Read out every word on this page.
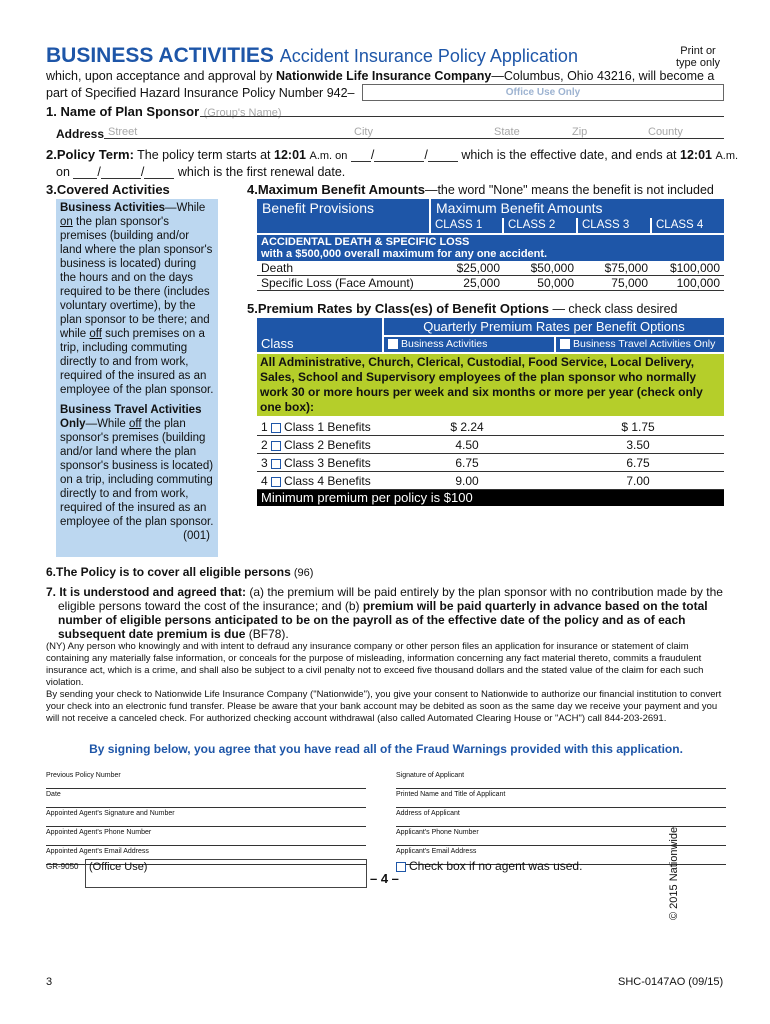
BUSINESS ACTIVITIES Accident Insurance Policy Application	Print or
type only
which, upon acceptance and approval by Nationwide Life Insurance Company—Columbus, Ohio 43216, will become a
part of Specified Hazard Insurance Policy Number 942–	Office Use Only
1. Name of Plan Sponsor (Group's Name)
Address Street	City	State	Zip	County
2.Policy Term: The policy term starts at 12:01 A.m. on /	/	which is the effective date, and ends at 12:01 A.m.
on /	/	which is the first renewal date.
3.Covered Activities
Business Activities—While on the plan sponsor's premises (building and/or land where the plan sponsor's business is located) during the hours and on the days required to be there (includes voluntary overtime), by the plan sponsor to be there; and while off such premises on a trip, including commuting directly to and from work, required of the insured as an employee of the plan sponsor.
Business Travel Activities Only—While off the plan sponsor's premises (building and/or land where the plan sponsor's business is located) on a trip, including commuting directly to and from work, required of the insured as an employee of the plan sponsor.
(001)
4.Maximum Benefit Amounts—the word "None" means the benefit is not included
Benefit Provisions	Maximum Benefit Amounts
CLASS 1	CLASS 2	CLASS 3	CLASS 4
ACCIDENTAL DEATH & SPECIFIC LOSS
with a $500,000 overall maximum for any one accident.
Death	$25,000	$50,000	$75,000	$100,000
Specific Loss (Face Amount)	25,000	50,000	75,000	100,000
5.Premium Rates by Class(es) of Benefit Options — check class desired
Class
Quarterly Premium Rates per Benefit Options
Business Activities	Business Travel Activities Only
All Administrative, Church, Clerical, Custodial, Food Service, Local Delivery, Sales, School and Supervisory employees of the plan sponsor who normally work 30 or more hours per week and six months or more per year (check only one box):
1 Class 1 Benefits	$ 2.24	$ 1.75
2 Class 2 Benefits	4.50	3.50
3 Class 3 Benefits	6.75	6.75
4 Class 4 Benefits	9.00	7.00
Minimum premium per policy is $100
6.The Policy is to cover all eligible persons (96)
7. It is understood and agreed that: (a) the premium will be paid entirely by the plan sponsor with no contribution made by the eligible persons toward the cost of the insurance; and (b) premium will be paid quarterly in advance based on the total number of eligible persons anticipated to be on the payroll as of the effective date of the policy and as of each subsequent date premium is due (BF78).
(NY) Any person who knowingly and with intent to defraud any insurance company or other person files an application for insurance or statement of claim containing any materially false information, or conceals for the purpose of misleading, information concerning any fact material thereto, commits a fraudulent insurance act, which is a crime, and shall also be subject to a civil penalty not to exceed five thousand dollars and the stated value of the claim for each such violation.
By sending your check to Nationwide Life Insurance Company ("Nationwide"), you give your consent to Nationwide to authorize our financial institution to convert your check into an electronic fund transfer. Please be aware that your bank account may be debited as soon as the same day we receive your payment and you will not receive a canceled check. For authorized checking account withdrawal (also called Automated Clearing House or "ACH") call 844-203-2691.
By signing below, you agree that you have read all of the Fraud Warnings provided with this application.
Previous Policy Number
Date
Appointed Agent's Signature and Number
Appointed Agent's Phone Number
Appointed Agent's Email Address
Signature of Applicant
Printed Name and Title of Applicant
Address of Applicant
Applicant's Phone Number
Applicant's Email Address
GR-9050 (Office Use)	Check box if no agent was used.
– 4 –	© 2015 Nationwide
3	SHC-0147AO (09/15)
